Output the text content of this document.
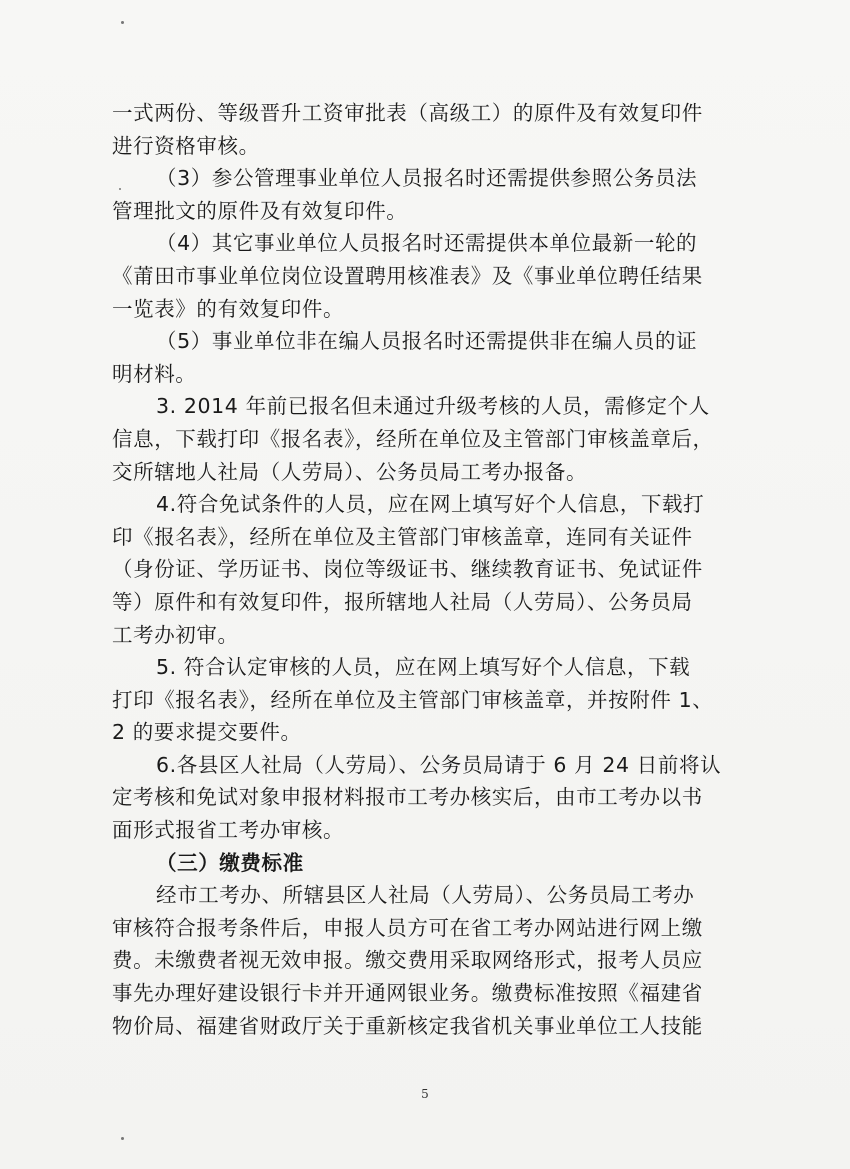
一式两份、等级晋升工资审批表（高级工）的原件及有效复印件
进行资格审核。
（3）参公管理事业单位人员报名时还需提供参照公务员法
管理批文的原件及有效复印件。
（4）其它事业单位人员报名时还需提供本单位最新一轮的
《莆田市事业单位岗位设置聘用核准表》及《事业单位聘任结果
一览表》的有效复印件。
（5）事业单位非在编人员报名时还需提供非在编人员的证
明材料。
3. 2014 年前已报名但未通过升级考核的人员，需修定个人
信息，下载打印《报名表》，经所在单位及主管部门审核盖章后，
交所辖地人社局（人劳局）、公务员局工考办报备。
4.符合免试条件的人员，应在网上填写好个人信息，下载打
印《报名表》，经所在单位及主管部门审核盖章，连同有关证件
（身份证、学历证书、岗位等级证书、继续教育证书、免试证件
等）原件和有效复印件，报所辖地人社局（人劳局）、公务员局
工考办初审。
5. 符合认定审核的人员，应在网上填写好个人信息，下载
打印《报名表》，经所在单位及主管部门审核盖章，并按附件 1、
2 的要求提交要件。
6.各县区人社局（人劳局）、公务员局请于 6 月 24 日前将认
定考核和免试对象申报材料报市工考办核实后，由市工考办以书
面形式报省工考办审核。
（三）缴费标准
经市工考办、所辖县区人社局（人劳局）、公务员局工考办
审核符合报考条件后，申报人员方可在省工考办网站进行网上缴
费。未缴费者视无效申报。缴交费用采取网络形式，报考人员应
事先办理好建设银行卡并开通网银业务。缴费标准按照《福建省
物价局、福建省财政厅关于重新核定我省机关事业单位工人技能
5
